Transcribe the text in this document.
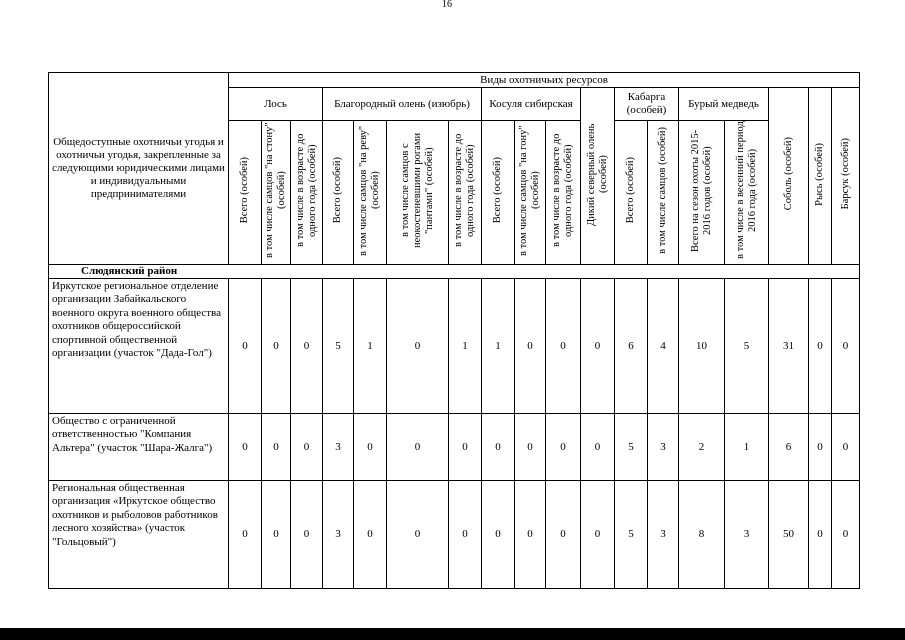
16
Общедоступные охотничьи угодья и охотничьи угодья, закрепленные за следующими юридическими лицами и индивидуальными предпринимателями	Виды охотничьих ресурсов																	
	Лось			Благородный олень (изюбрь)				Косуля сибирская			Дикий северный олень (особей)	Кабарга (особей)		Бурый медведь		Соболь (особей)	Рысь (особей)	Барсук (особей)
	Всего (особей)	в том числе самцов "на стону" (особей)	в том числе в возрасте до одного года (особей)	Всего (особей)	в том числе самцов "на реву" (особей)	в том числе самцов с неокостеневшими рогами "пантами" (особей)	в том числе в возрасте до одного года (особей)	Всего (особей)	в том числе самцов "на гону" (особей)	в том числе в возрасте до одного года (особей)		Всего (особей)	в том числе самцов (особей)	Всего на сезон охоты 2015-2016 годов (особей)	в том числе в весенний период 2016 года (особей)			
Слюдянский район																		
Иркутское региональное отделение организации Забайкальского военного округа военного общества охотников общероссийской спортивной общественной организации (участок "Дада-Гол")	0	0	0	5	1	0	1	1	0	0	0	6	4	10	5	31	0	0
Общество с ограниченной ответственностью "Компания Альтера" (участок "Шара-Жалга")	0	0	0	3	0	0	0	0	0	0	0	5	3	2	1	6	0	0
Региональная общественная организация «Иркутское общество охотников и рыболовов работников лесного хозяйства» (участок "Гольцовый")	0	0	0	3	0	0	0	0	0	0	0	5	3	8	3	50	0	0
